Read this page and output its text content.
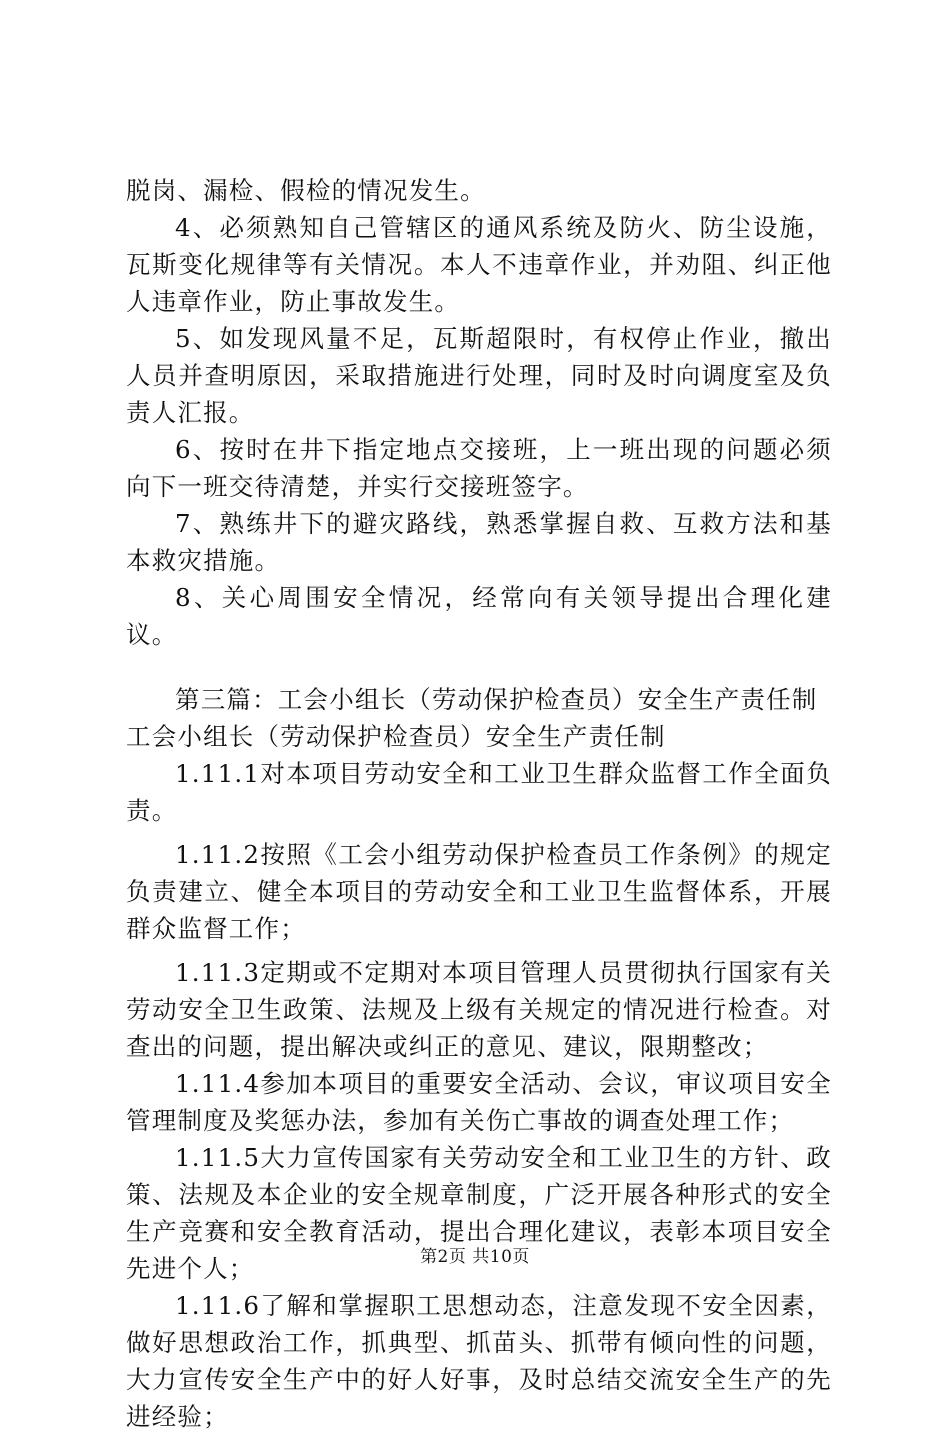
脱岗、漏检、假检的情况发生。

4、必须熟知自己管辖区的通风系统及防火、防尘设施，瓦斯变化规律等有关情况。本人不违章作业，并劝阻、纠正他人违章作业，防止事故发生。

5、如发现风量不足，瓦斯超限时，有权停止作业，撤出人员并查明原因，采取措施进行处理，同时及时向调度室及负责人汇报。

6、按时在井下指定地点交接班，上一班出现的问题必须向下一班交待清楚，并实行交接班签字。

7、熟练井下的避灾路线，熟悉掌握自救、互救方法和基本救灾措施。

8、关心周围安全情况，经常向有关领导提出合理化建议。

第三篇：工会小组长（劳动保护检查员）安全生产责任制

工会小组长（劳动保护检查员）安全生产责任制

1.11.1对本项目劳动安全和工业卫生群众监督工作全面负责。

1.11.2按照《工会小组劳动保护检查员工作条例》的规定负责建立、健全本项目的劳动安全和工业卫生监督体系，开展群众监督工作；

1.11.3定期或不定期对本项目管理人员贯彻执行国家有关劳动安全卫生政策、法规及上级有关规定的情况进行检查。对查出的问题，提出解决或纠正的意见、建议，限期整改；

1.11.4参加本项目的重要安全活动、会议，审议项目安全管理制度及奖惩办法，参加有关伤亡事故的调查处理工作；

1.11.5大力宣传国家有关劳动安全和工业卫生的方针、政策、法规及本企业的安全规章制度，广泛开展各种形式的安全生产竞赛和安全教育活动，提出合理化建议，表彰本项目安全先进个人；

1.11.6了解和掌握职工思想动态，注意发现不安全因素，做好思想政治工作，抓典型、抓苗头、抓带有倾向性的问题，大力宣传安全生产中的好人好事，及时总结交流安全生产的先进经验；

第2页 共10页
